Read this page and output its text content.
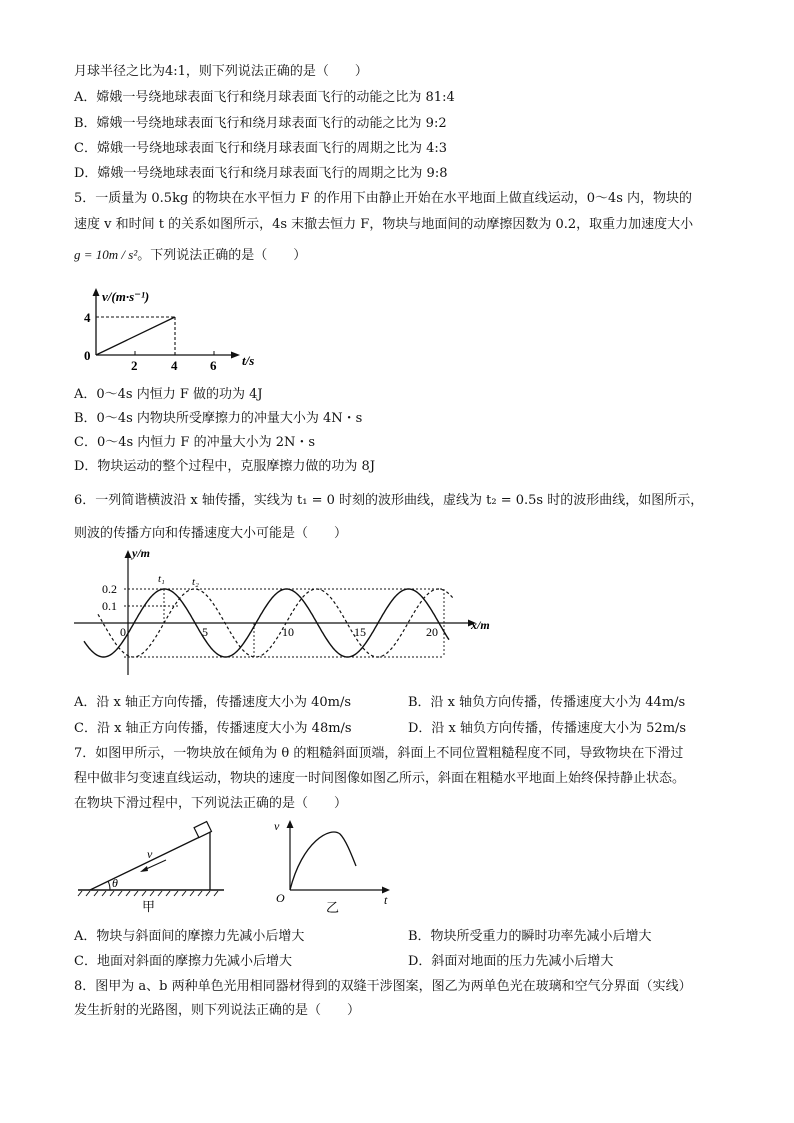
月球半径之比为4:1，则下列说法正确的是（　　）
A．嫦娥一号绕地球表面飞行和绕月球表面飞行的动能之比为 81:4
B．嫦娥一号绕地球表面飞行和绕月球表面飞行的动能之比为 9:2
C．嫦娥一号绕地球表面飞行和绕月球表面飞行的周期之比为 4:3
D．嫦娥一号绕地球表面飞行和绕月球表面飞行的周期之比为 9:8
5．一质量为 0.5kg 的物块在水平恒力 F 的作用下由静止开始在水平地面上做直线运动，0～4s 内，物块的
速度 v 和时间 t 的关系如图所示，4s 末撤去恒力 F，物块与地面间的动摩擦因数为 0.2，取重力加速度大小
g = 10m / s²。下列说法正确的是（　　）
v/(m·s⁻¹)
4
0
2	4	6 t/s
A．0～4s 内恒力 F 做的功为 4J
B．0～4s 内物块所受摩擦力的冲量大小为 4N・s
C．0～4s 内恒力 F 的冲量大小为 2N・s
D．物块运动的整个过程中，克服摩擦力做的功为 8J
6．一列简谐横波沿 x 轴传播，实线为 t₁ = 0 时刻的波形曲线，虚线为 t₂ = 0.5s 时的波形曲线，如图所示，
则波的传播方向和传播速度大小可能是（　　）
y/m
0.2
0.1
0	5	10	15	20	x/m
t₁ t₂
A．沿 x 轴正方向传播，传播速度大小为 40m/s	B．沿 x 轴负方向传播，传播速度大小为 44m/s
C．沿 x 轴正方向传播，传播速度大小为 48m/s	D．沿 x 轴负方向传播，传播速度大小为 52m/s
7．如图甲所示，一物块放在倾角为 θ 的粗糙斜面顶端，斜面上不同位置粗糙程度不同，导致物块在下滑过
程中做非匀变速直线运动，物块的速度一时间图像如图乙所示，斜面在粗糙水平地面上始终保持静止状态。
在物块下滑过程中，下列说法正确的是（　　）
v
θ
甲
v
O	t
乙
A．物块与斜面间的摩擦力先减小后增大	B．物块所受重力的瞬时功率先减小后增大
C．地面对斜面的摩擦力先减小后增大	D．斜面对地面的压力先减小后增大
8．图甲为 a、b 两种单色光用相同器材得到的双缝干涉图案，图乙为两单色光在玻璃和空气分界面（实线）
发生折射的光路图，则下列说法正确的是（　　）
